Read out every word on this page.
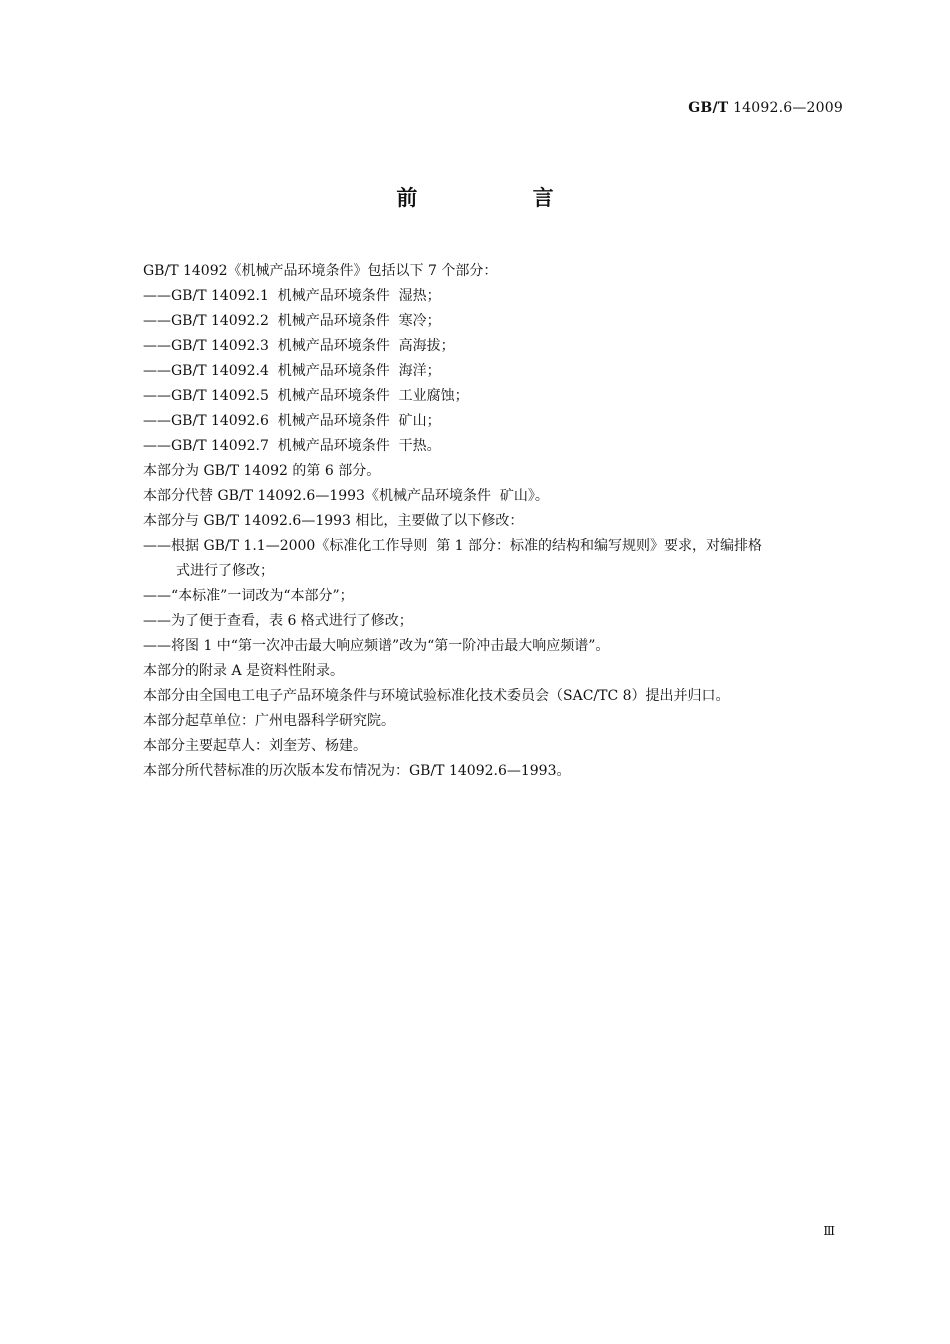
GB/T 14092.6—2009
前 言
GB/T 14092《机械产品环境条件》包括以下 7 个部分：
——GB/T 14092.1  机械产品环境条件  湿热；
——GB/T 14092.2  机械产品环境条件  寒冷；
——GB/T 14092.3  机械产品环境条件  高海拔；
——GB/T 14092.4  机械产品环境条件  海洋；
——GB/T 14092.5  机械产品环境条件  工业腐蚀；
——GB/T 14092.6  机械产品环境条件  矿山；
——GB/T 14092.7  机械产品环境条件  干热。
本部分为 GB/T 14092 的第 6 部分。
本部分代替 GB/T 14092.6—1993《机械产品环境条件  矿山》。
本部分与 GB/T 14092.6—1993 相比，主要做了以下修改：
——根据 GB/T 1.1—2000《标准化工作导则  第 1 部分：标准的结构和编写规则》要求，对编排格
式进行了修改；
——“本标准”一词改为“本部分”；
——为了便于查看，表 6 格式进行了修改；
——将图 1 中“第一次冲击最大响应频谱”改为“第一阶冲击最大响应频谱”。
本部分的附录 A 是资料性附录。
本部分由全国电工电子产品环境条件与环境试验标准化技术委员会（SAC/TC 8）提出并归口。
本部分起草单位：广州电器科学研究院。
本部分主要起草人：刘奎芳、杨建。
本部分所代替标准的历次版本发布情况为：GB/T 14092.6—1993。
Ⅲ
